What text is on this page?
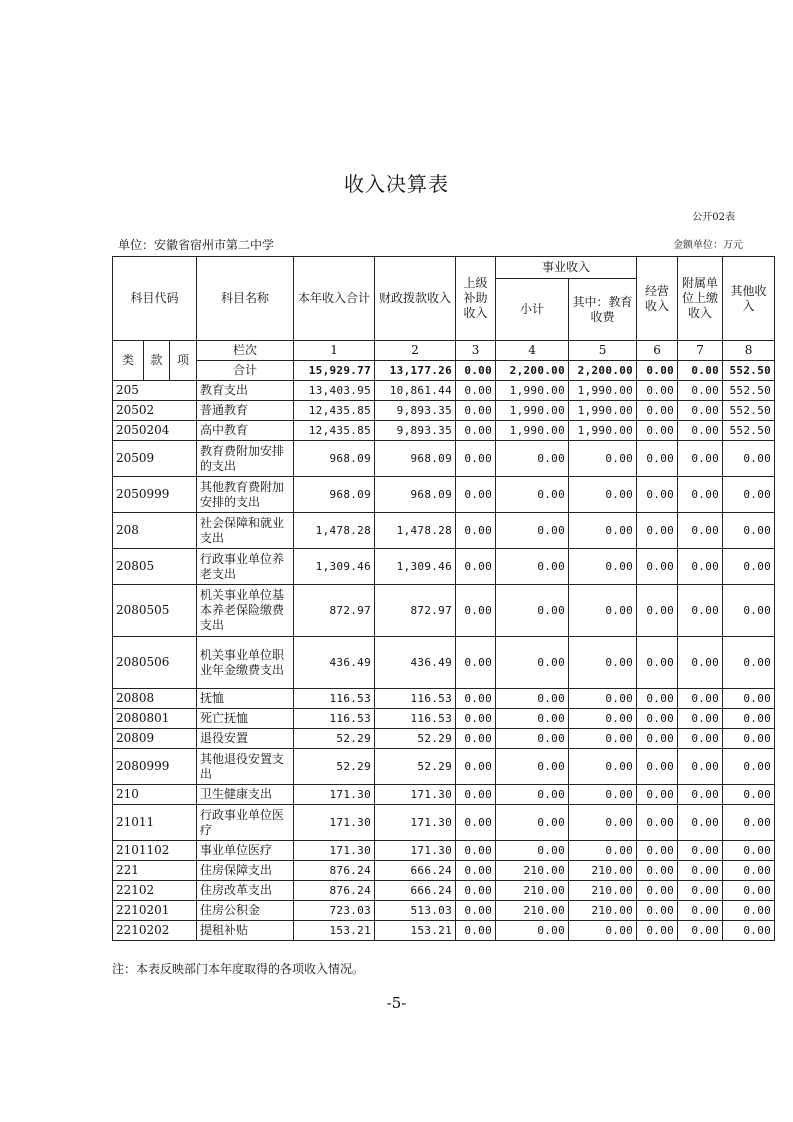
收入决算表
公开02表
单位：安徽省宿州市第二中学	金额单位：万元
科目代码			科目名称	本年收入合计	财政拨款收入	上级补助收入	事业收入		经营收入	附属单位上缴收入	其他收入
							小计	其中：教育收费			
类	款	项	栏次	1	2	3	4	5	6	7	8
			合计	15,929.77	13,177.26	0.00	2,200.00	2,200.00	0.00	0.00	552.50
205			教育支出	13,403.95	10,861.44	0.00	1,990.00	1,990.00	0.00	0.00	552.50
20502			普通教育	12,435.85	9,893.35	0.00	1,990.00	1,990.00	0.00	0.00	552.50
2050204			高中教育	12,435.85	9,893.35	0.00	1,990.00	1,990.00	0.00	0.00	552.50
20509			教育费附加安排的支出	968.09	968.09	0.00	0.00	0.00	0.00	0.00	0.00
2050999			其他教育费附加安排的支出	968.09	968.09	0.00	0.00	0.00	0.00	0.00	0.00
208			社会保障和就业支出	1,478.28	1,478.28	0.00	0.00	0.00	0.00	0.00	0.00
20805			行政事业单位养老支出	1,309.46	1,309.46	0.00	0.00	0.00	0.00	0.00	0.00
2080505			机关事业单位基本养老保险缴费支出	872.97	872.97	0.00	0.00	0.00	0.00	0.00	0.00
2080506			机关事业单位职业年金缴费支出	436.49	436.49	0.00	0.00	0.00	0.00	0.00	0.00
20808			抚恤	116.53	116.53	0.00	0.00	0.00	0.00	0.00	0.00
2080801			死亡抚恤	116.53	116.53	0.00	0.00	0.00	0.00	0.00	0.00
20809			退役安置	52.29	52.29	0.00	0.00	0.00	0.00	0.00	0.00
2080999			其他退役安置支出	52.29	52.29	0.00	0.00	0.00	0.00	0.00	0.00
210			卫生健康支出	171.30	171.30	0.00	0.00	0.00	0.00	0.00	0.00
21011			行政事业单位医疗	171.30	171.30	0.00	0.00	0.00	0.00	0.00	0.00
2101102			事业单位医疗	171.30	171.30	0.00	0.00	0.00	0.00	0.00	0.00
221			住房保障支出	876.24	666.24	0.00	210.00	210.00	0.00	0.00	0.00
22102			住房改革支出	876.24	666.24	0.00	210.00	210.00	0.00	0.00	0.00
2210201			住房公积金	723.03	513.03	0.00	210.00	210.00	0.00	0.00	0.00
2210202			提租补贴	153.21	153.21	0.00	0.00	0.00	0.00	0.00	0.00
注：本表反映部门本年度取得的各项收入情况。
-5-
